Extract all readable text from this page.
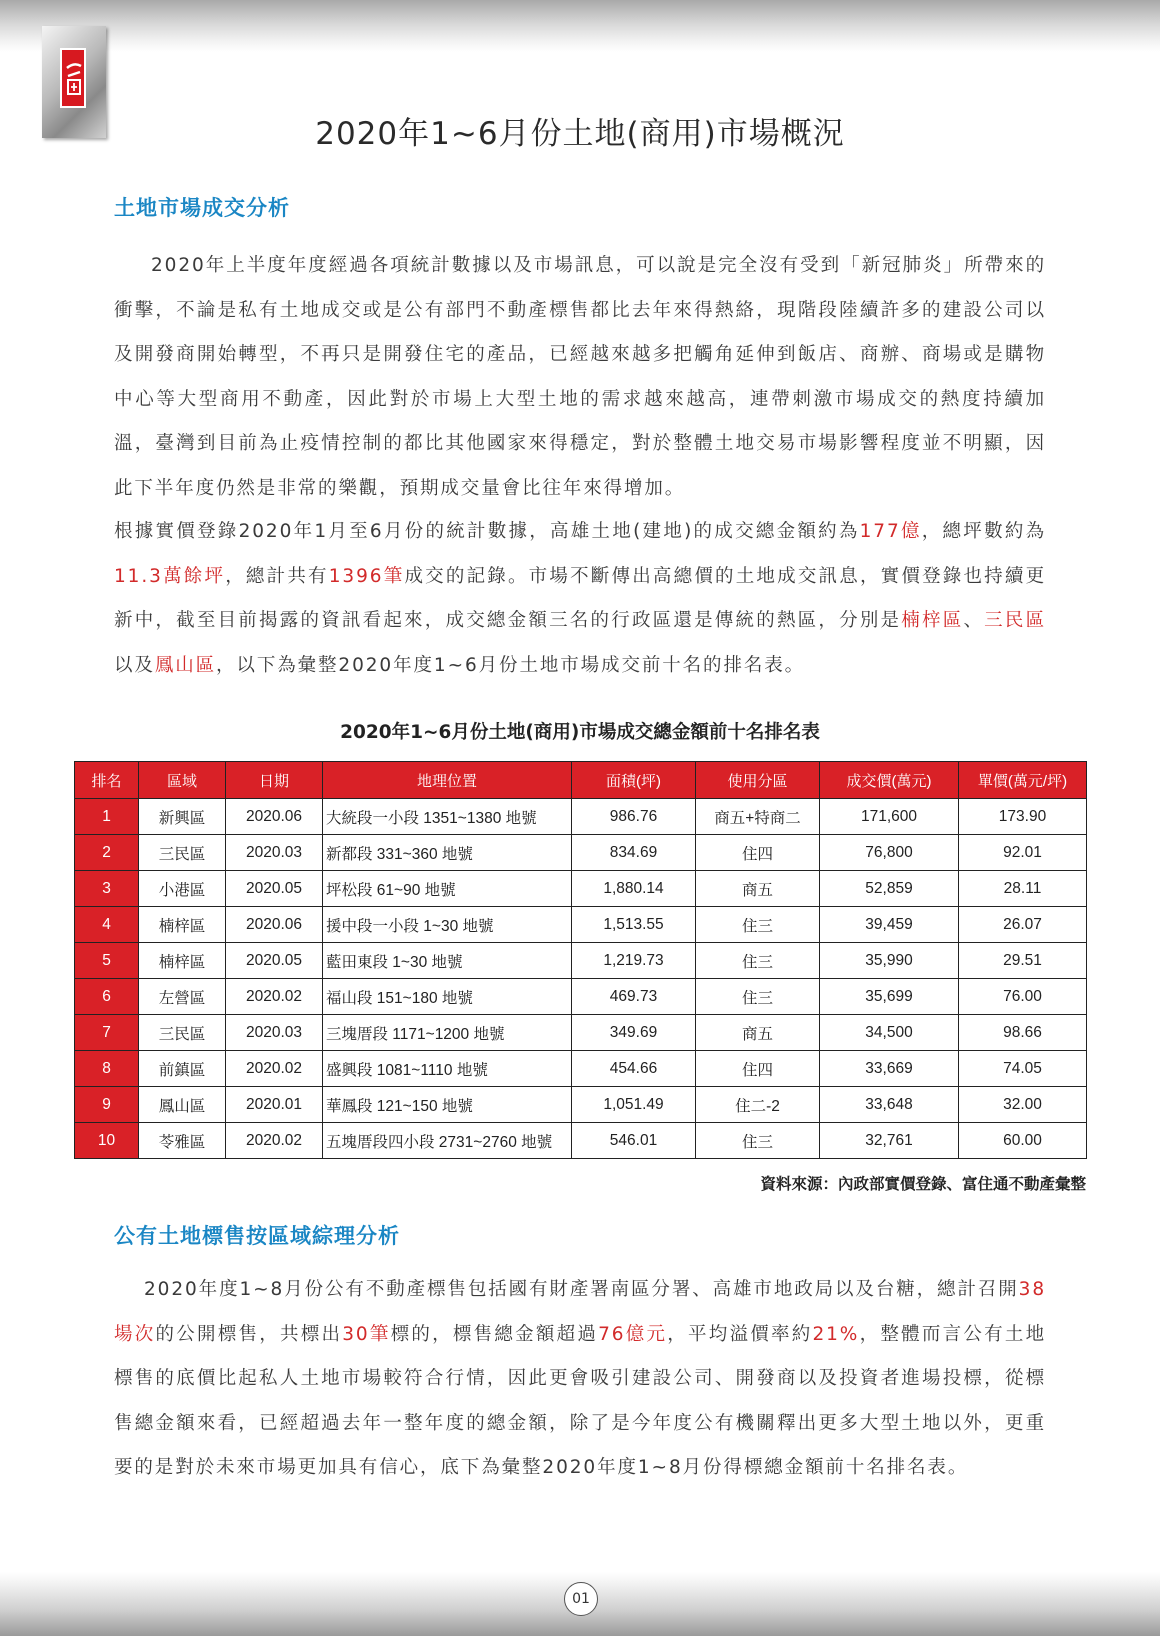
2020年1~6月份土地(商用)市場概況
土地市場成交分析

2020年上半度年度經過各項統計數據以及市場訊息，可以說是完全沒有受到「新冠肺炎」所帶來的衝擊，不論是私有土地成交或是公有部門不動產標售都比去年來得熱絡，現階段陸續許多的建設公司以及開發商開始轉型，不再只是開發住宅的產品，已經越來越多把觸角延伸到飯店、商辦、商場或是購物中心等大型商用不動產，因此對於市場上大型土地的需求越來越高，連帶刺激市場成交的熱度持續加溫，臺灣到目前為止疫情控制的都比其他國家來得穩定，對於整體土地交易市場影響程度並不明顯，因此下半年度仍然是非常的樂觀，預期成交量會比往年來得增加。

根據實價登錄2020年1月至6月份的統計數據，高雄土地(建地)的成交總金額約為177億，總坪數約為11.3萬餘坪，總計共有1396筆成交的記錄。市場不斷傳出高總價的土地成交訊息，實價登錄也持續更新中，截至目前揭露的資訊看起來，成交總金額三名的行政區還是傳統的熱區，分別是楠梓區、三民區以及鳳山區，以下為彙整2020年度1~6月份土地市場成交前十名的排名表。

2020年1~6月份土地(商用)市場成交總金額前十名排名表
排名	區域	日期	地理位置	面積(坪)	使用分區	成交價(萬元)	單價(萬元/坪)
1	新興區	2020.06	大統段一小段 1351~1380 地號	986.76	商五+特商二	171,600	173.90
2	三民區	2020.03	新都段 331~360 地號	834.69	住四	76,800	92.01
3	小港區	2020.05	坪松段 61~90 地號	1,880.14	商五	52,859	28.11
4	楠梓區	2020.06	援中段一小段 1~30 地號	1,513.55	住三	39,459	26.07
5	楠梓區	2020.05	藍田東段 1~30 地號	1,219.73	住三	35,990	29.51
6	左營區	2020.02	福山段 151~180 地號	469.73	住三	35,699	76.00
7	三民區	2020.03	三塊厝段 1171~1200 地號	349.69	商五	34,500	98.66
8	前鎮區	2020.02	盛興段 1081~1110 地號	454.66	住四	33,669	74.05
9	鳳山區	2020.01	華鳳段 121~150 地號	1,051.49	住二-2	33,648	32.00
10	苓雅區	2020.02	五塊厝段四小段 2731~2760 地號	546.01	住三	32,761	60.00

資料來源：內政部實價登錄、富住通不動產彙整

公有土地標售按區域綜理分析

2020年度1~8月份公有不動產標售包括國有財產署南區分署、高雄市地政局以及台糖，總計召開38場次的公開標售，共標出30筆標的，標售總金額超過76億元，平均溢價率約21%，整體而言公有土地標售的底價比起私人土地市場較符合行情，因此更會吸引建設公司、開發商以及投資者進場投標，從標售總金額來看，已經超過去年一整年度的總金額，除了是今年度公有機關釋出更多大型土地以外，更重要的是對於未來市場更加具有信心，底下為彙整2020年度1~8月份得標總金額前十名排名表。

01
